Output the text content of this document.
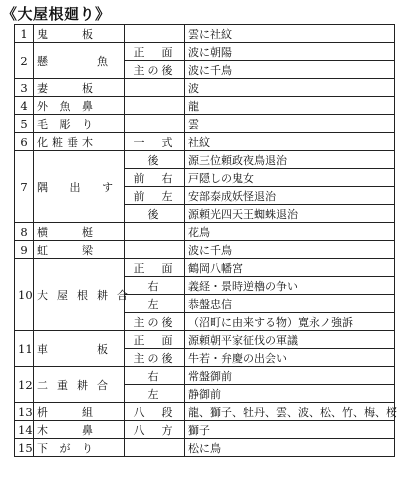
《大屋根廻り》
1	鬼　　板		雲に社紋
2	懸　　魚	正　面	波に朝陽
		主の後	波に千鳥
3	妻　　板		波
4	外 魚 鼻		龍
5	毛 彫 り		雲
6	化粧垂木	一　式	社紋
7	隅 出 す	後	源三位頼政夜鳥退治
		前　右	戸隠しの鬼女
		前　左	安部泰成妖怪退治
		後	源頼光四天王蜘蛛退治
8	横　　梃		花鳥
9	虹　　梁		波に千鳥
10	大屋根耕合	正　面	鶴岡八幡宮
		右	義経・景時逆櫓の争い
		左	恭盤忠信
		主の後	（沼町に由来する物）寛永ノ強訴
11	車　　板	正　面	源頼朝平家征伐の軍議
		主の後	牛若・弁慶の出会い
12	二重耕合	右	常盤御前
		左	静御前
13	枡　　組	八　段	龍、獅子、牡丹、雲、波、松、竹、梅、桜
14	木　　鼻	八　方	獅子
15	下 が り		松に鳥
